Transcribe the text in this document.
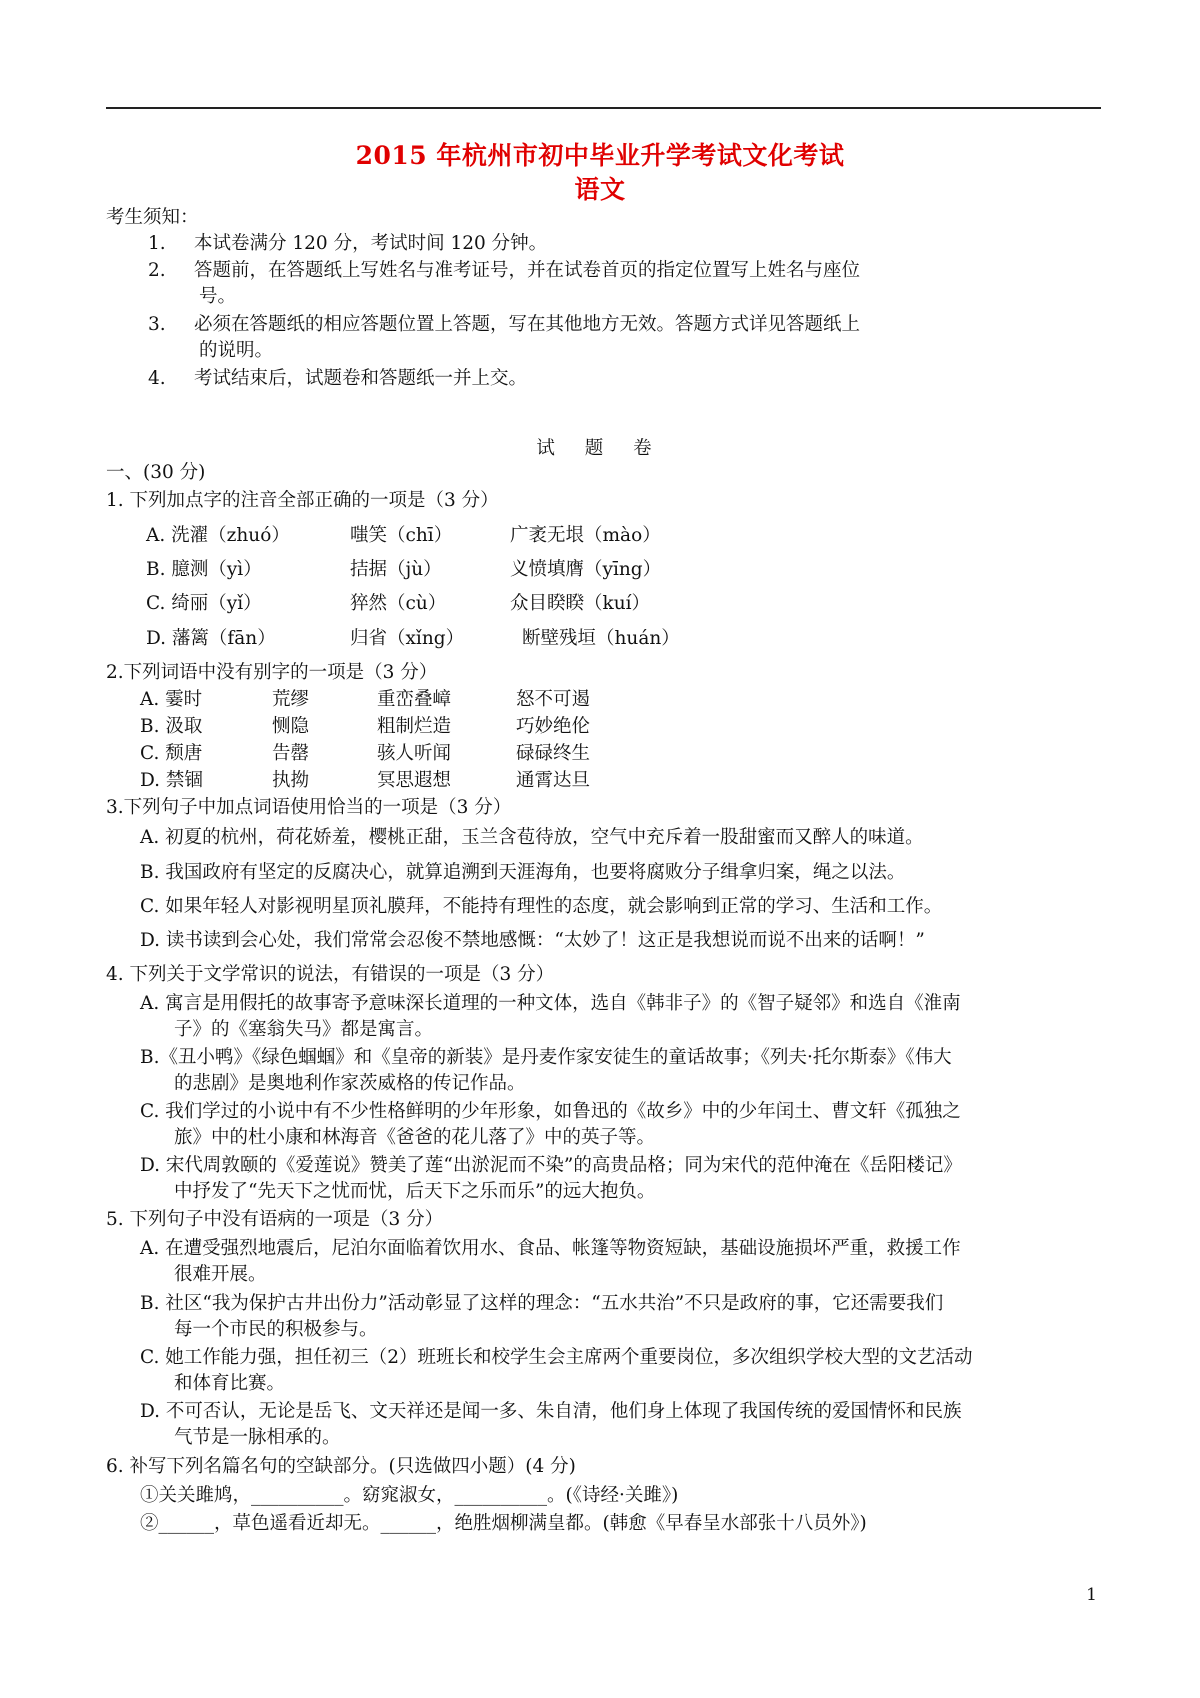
2015 年杭州市初中毕业升学考试文化考试
语文
考生须知：
1. 本试卷满分 120 分，考试时间 120 分钟。
2. 答题前，在答题纸上写姓名与准考证号，并在试卷首页的指定位置写上姓名与座位
号。
3. 必须在答题纸的相应答题位置上答题，写在其他地方无效。答题方式详见答题纸上
的说明。
4. 考试结束后，试题卷和答题纸一并上交。
试 题 卷
一、(30 分)
1. 下列加点字的注音全部正确的一项是（3 分）
A. 洗濯（zhuó）	嗤笑（chī）	广袤无垠（mào）
B. 臆测（yì）	拮据（jù）	义愤填膺（yīng）
C. 绮丽（yǐ）	猝然（cù）	众目睽睽（kuí）
D. 藩篱（fān）	归省（xǐng）	断壁残垣（huán）
2.下列词语中没有别字的一项是（3 分）
A. 霎时	荒缪	重峦叠嶂	怒不可遏
B. 汲取	恻隐	粗制烂造	巧妙绝伦
C. 颓唐	告罄	骇人听闻	碌碌终生
D. 禁锢	执拗	冥思遐想	通霄达旦
3.下列句子中加点词语使用恰当的一项是（3 分）
A. 初夏的杭州，荷花娇羞，樱桃正甜，玉兰含苞待放，空气中充斥着一股甜蜜而又醉人的味道。
B. 我国政府有坚定的反腐决心，就算追溯到天涯海角，也要将腐败分子缉拿归案，绳之以法。
C. 如果年轻人对影视明星顶礼膜拜，不能持有理性的态度，就会影响到正常的学习、生活和工作。
D. 读书读到会心处，我们常常会忍俊不禁地感慨：“太妙了！这正是我想说而说不出来的话啊！”
4. 下列关于文学常识的说法，有错误的一项是（3 分）
A. 寓言是用假托的故事寄予意味深长道理的一种文体，选自《韩非子》的《智子疑邻》和选自《淮南
子》的《塞翁失马》都是寓言。
B.《丑小鸭》《绿色蝈蝈》和《皇帝的新装》是丹麦作家安徒生的童话故事；《列夫·托尔斯泰》《伟大
的悲剧》是奥地利作家茨威格的传记作品。
C. 我们学过的小说中有不少性格鲜明的少年形象，如鲁迅的《故乡》中的少年闰土、曹文轩《孤独之
旅》中的杜小康和林海音《爸爸的花儿落了》中的英子等。
D. 宋代周敦颐的《爱莲说》赞美了莲“出淤泥而不染”的高贵品格；同为宋代的范仲淹在《岳阳楼记》
中抒发了“先天下之忧而忧，后天下之乐而乐”的远大抱负。
5. 下列句子中没有语病的一项是（3 分）
A. 在遭受强烈地震后，尼泊尔面临着饮用水、食品、帐篷等物资短缺，基础设施损坏严重，救援工作
很难开展。
B. 社区“我为保护古井出份力”活动彰显了这样的理念：“五水共治”不只是政府的事，它还需要我们
每一个市民的积极参与。
C. 她工作能力强，担任初三（2）班班长和校学生会主席两个重要岗位，多次组织学校大型的文艺活动
和体育比赛。
D. 不可否认，无论是岳飞、文天祥还是闻一多、朱自清，他们身上体现了我国传统的爱国情怀和民族
气节是一脉相承的。
6. 补写下列名篇名句的空缺部分。(只选做四小题）(4 分)
①关关雎鸠，__________。窈窕淑女，__________。(《诗经·关雎》)
②______，草色遥看近却无。______，绝胜烟柳满皇都。(韩愈《早春呈水部张十八员外》)
1
